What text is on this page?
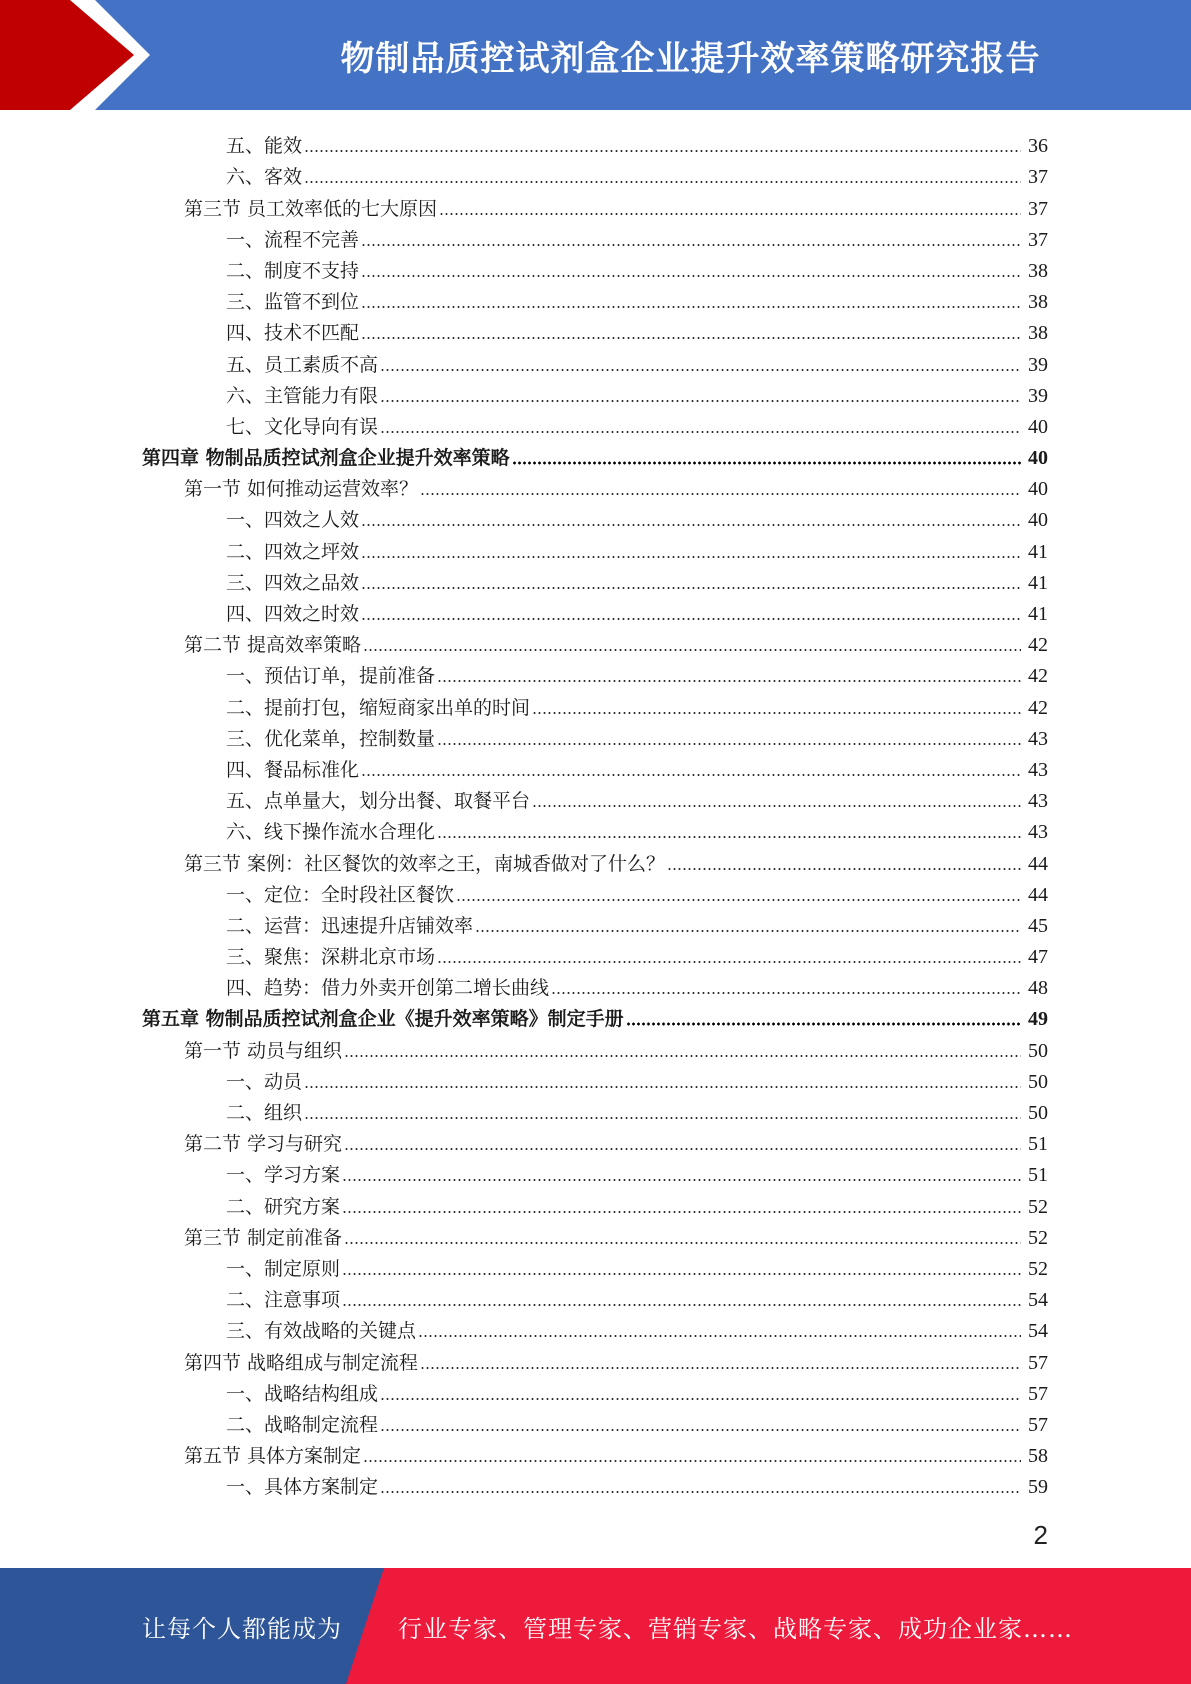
物制品质控试剂盒企业提升效率策略研究报告
五、能效	36
六、客效	37
第三节 员工效率低的七大原因	37
一、流程不完善	37
二、制度不支持	38
三、监管不到位	38
四、技术不匹配	38
五、员工素质不高	39
六、主管能力有限	39
七、文化导向有误	40
第四章 物制品质控试剂盒企业提升效率策略	40
第一节 如何推动运营效率？	40
一、四效之人效	40
二、四效之坪效	41
三、四效之品效	41
四、四效之时效	41
第二节 提高效率策略	42
一、预估订单，提前准备	42
二、提前打包，缩短商家出单的时间	42
三、优化菜单，控制数量	43
四、餐品标准化	43
五、点单量大，划分出餐、取餐平台	43
六、线下操作流水合理化	43
第三节 案例：社区餐饮的效率之王，南城香做对了什么？	44
一、定位：全时段社区餐饮	44
二、运营：迅速提升店铺效率	45
三、聚焦：深耕北京市场	47
四、趋势：借力外卖开创第二增长曲线	48
第五章 物制品质控试剂盒企业《提升效率策略》制定手册	49
第一节 动员与组织	50
一、动员	50
二、组织	50
第二节 学习与研究	51
一、学习方案	51
二、研究方案	52
第三节 制定前准备	52
一、制定原则	52
二、注意事项	54
三、有效战略的关键点	54
第四节 战略组成与制定流程	57
一、战略结构组成	57
二、战略制定流程	57
第五节 具体方案制定	58
一、具体方案制定	59
2
让每个人都能成为 行业专家、管理专家、营销专家、战略专家、成功企业家……
